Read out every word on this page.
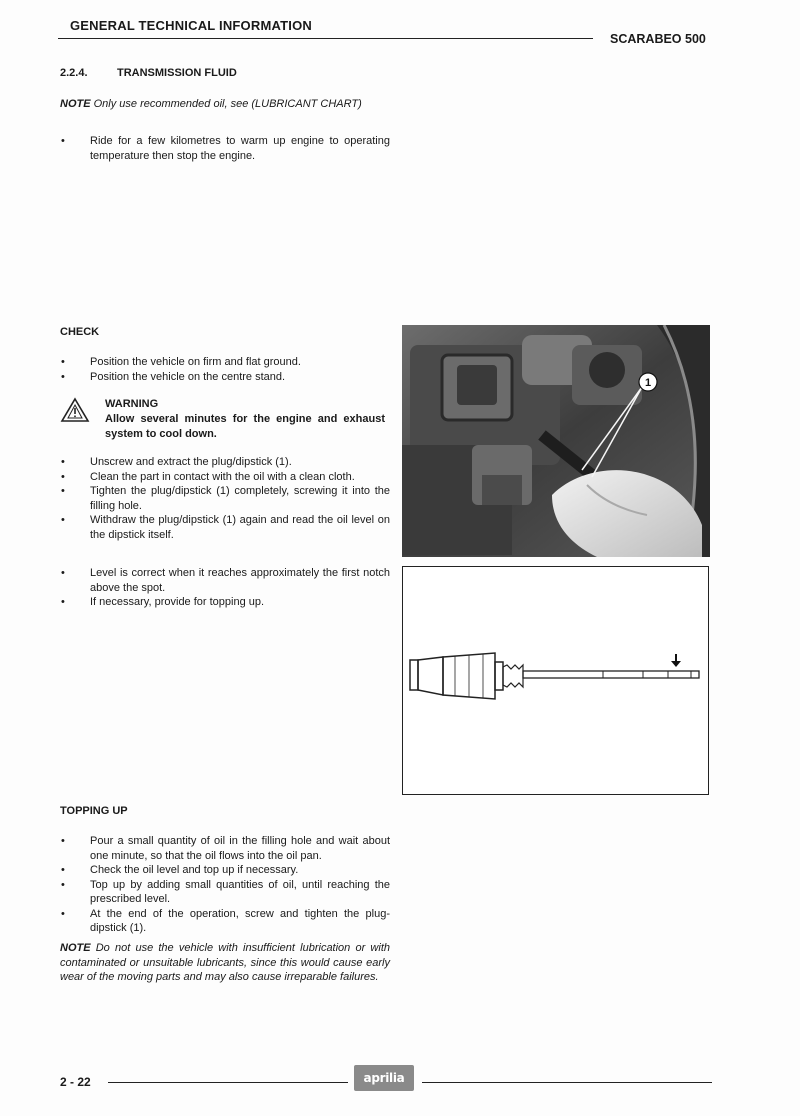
GENERAL TECHNICAL INFORMATION
SCARABEO 500
2.2.4.	TRANSMISSION FLUID
NOTE Only use recommended oil, see (LUBRICANT CHART)
• Ride for a few kilometres to warm up engine to operating temperature then stop the engine.
CHECK
• Position the vehicle on firm and flat ground.
• Position the vehicle on the centre stand.
WARNING
Allow several minutes for the engine and exhaust system to cool down.
• Unscrew and extract the plug/dipstick (1).
• Clean the part in contact with the oil with a clean cloth.
• Tighten the plug/dipstick (1) completely, screwing it into the filling hole.
• Withdraw the plug/dipstick (1) again and read the oil level on the dipstick itself.
• Level is correct when it reaches approximately the first notch above the spot.
• If necessary, provide for topping up.
1
TOPPING UP
• Pour a small quantity of oil in the filling hole and wait about one minute, so that the oil flows into the oil pan.
• Check the oil level and top up if necessary.
• Top up by adding small quantities of oil, until reaching the prescribed level.
• At the end of the operation, screw and tighten the plug-dipstick (1).
NOTE Do not use the vehicle with insufficient lubrication or with contaminated or unsuitable lubricants, since this would cause early wear of the moving parts and may also cause irreparable failures.
2 - 22	aprilia
